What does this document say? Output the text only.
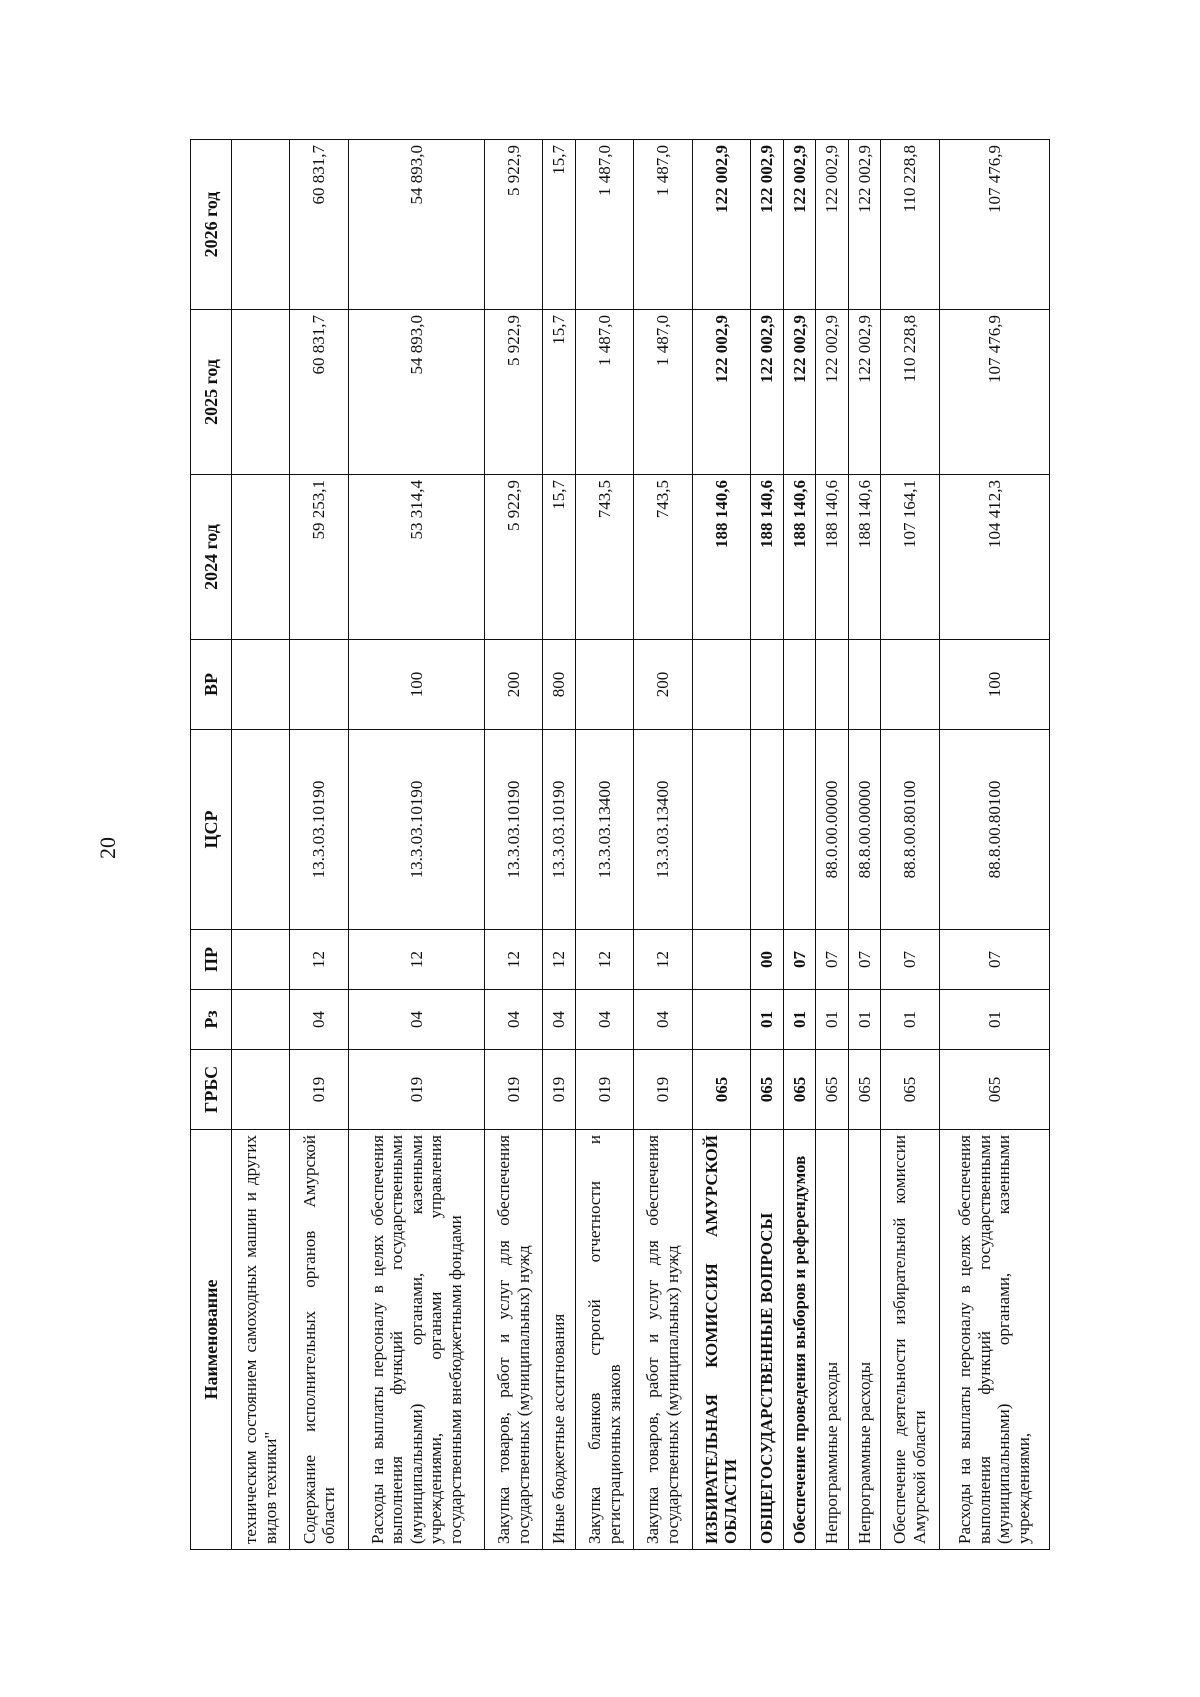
20
Наименование	ГРБС	Рз	ПР	ЦСР	ВР	2024 год	2025 год	2026 год
техническим состоянием самоходных машин и других видов техники"								
Содержание исполнительных органов Амурской области	019	04	12	13.3.03.10190		59 253,1	60 831,7	60 831,7
Расходы на выплаты персоналу в целях обеспечения выполнения функций государственными (муниципальными) органами, казенными учреждениями, органами управления государственными внебюджетными фондами	019	04	12	13.3.03.10190	100	53 314,4	54 893,0	54 893,0
Закупка товаров, работ и услуг для обеспечения государственных (муниципальных) нужд	019	04	12	13.3.03.10190	200	5 922,9	5 922,9	5 922,9
Иные бюджетные ассигнования	019	04	12	13.3.03.10190	800	15,7	15,7	15,7
Закупка бланков строгой отчетности и регистрационных знаков	019	04	12	13.3.03.13400		743,5	1 487,0	1 487,0
Закупка товаров, работ и услуг для обеспечения государственных (муниципальных) нужд	019	04	12	13.3.03.13400	200	743,5	1 487,0	1 487,0
ИЗБИРАТЕЛЬНАЯ КОМИССИЯ АМУРСКОЙ ОБЛАСТИ	065					188 140,6	122 002,9	122 002,9
ОБЩЕГОСУДАРСТВЕННЫЕ ВОПРОСЫ	065	01	00			188 140,6	122 002,9	122 002,9
Обеспечение проведения выборов и референдумов	065	01	07			188 140,6	122 002,9	122 002,9
Непрограммные расходы	065	01	07	88.0.00.00000		188 140,6	122 002,9	122 002,9
Непрограммные расходы	065	01	07	88.8.00.00000		188 140,6	122 002,9	122 002,9
Обеспечение деятельности избирательной комиссии Амурской области	065	01	07	88.8.00.80100		107 164,1	110 228,8	110 228,8
Расходы на выплаты персоналу в целях обеспечения выполнения функций государственными (муниципальными) органами, казенными учреждениями,	065	01	07	88.8.00.80100	100	104 412,3	107 476,9	107 476,9
